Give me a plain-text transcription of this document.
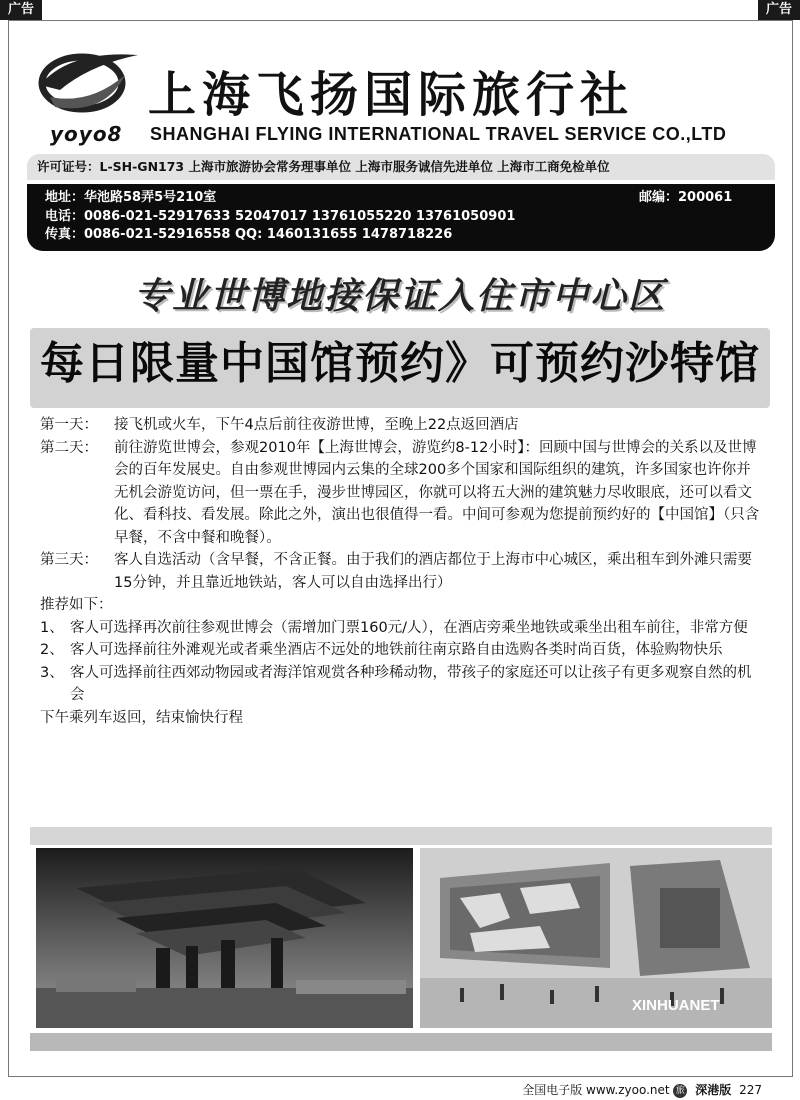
广告	广告
yoyo8
上海飞扬国际旅行社
SHANGHAI FLYING INTERNATIONAL TRAVEL SERVICE CO.,LTD
许可证号：L-SH-GN173 上海市旅游协会常务理事单位 上海市服务诚信先进单位 上海市工商免检单位
地址：华池路58弄5号210室	邮编：200061
电话：0086-021-52917633 52047017 13761055220 13761050901
传真：0086-021-52916558 QQ: 1460131655 1478718226
专业世博地接保证入住市中心区
每日限量中国馆预约》可预约沙特馆
第一天： 接飞机或火车，下午4点后前往夜游世博，至晚上22点返回酒店
第二天： 前往游览世博会，参观2010年【上海世博会，游览约8-12小时】：回顾中国与世博会的关系以及世博会的百年发展史。自由参观世博园内云集的全球200多个国家和国际组织的建筑，许多国家也许你并无机会游览访问，但一票在手，漫步世博园区，你就可以将五大洲的建筑魅力尽收眼底，还可以看文化、看科技、看发展。除此之外，演出也很值得一看。中间可参观为您提前预约好的【中国馆】（只含早餐，不含中餐和晚餐）。
第三天： 客人自选活动（含早餐，不含正餐。由于我们的酒店都位于上海市中心城区，乘出租车到外滩只需要15分钟，并且靠近地铁站，客人可以自由选择出行）
推荐如下：
1、 客人可选择再次前往参观世博会（需增加门票160元/人），在酒店旁乘坐地铁或乘坐出租车前往，非常方便
2、 客人可选择前往外滩观光或者乘坐酒店不远处的地铁前往南京路自由选购各类时尚百货，体验购物快乐
3、 客人可选择前往西郊动物园或者海洋馆观赏各种珍稀动物，带孩子的家庭还可以让孩子有更多观察自然的机会
下午乘列车返回，结束愉快行程
XINHUANET
全国电子版 www.zyoo.net 旅 深港版 227
